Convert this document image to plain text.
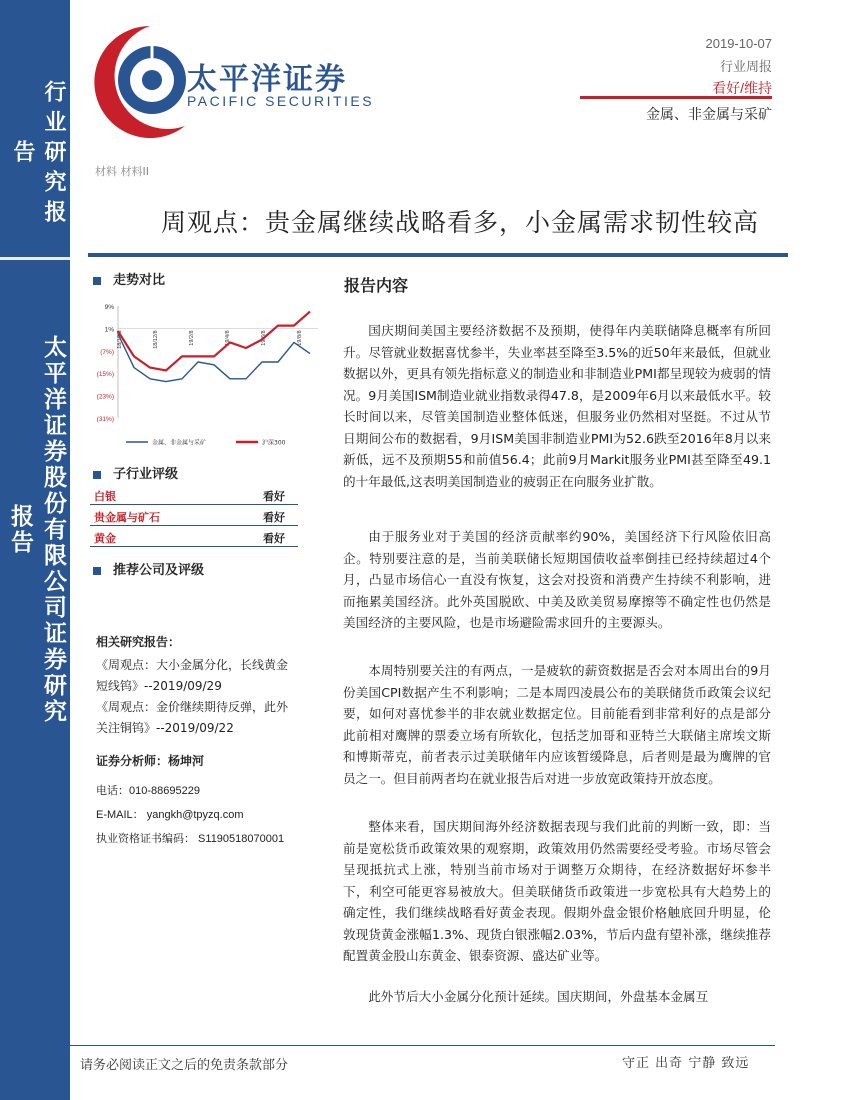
行业研究报告
太平洋证券股份有限公司证券研究报告
太平洋证券
PACIFIC SECURITIES
2019-10-07
行业周报
看好/维持
金属、非金属与采矿
材料 材料II
周观点：贵金属继续战略看多，小金属需求韧性较高
走势对比
9%
1%
(7%)
(15%)
(23%)
(31%)
18/10/8	18/12/8	19/2/8	19/4/8	19/6/8	19/8/8
金属、非金属与采矿	沪深300
子行业评级
白银	看好
贵金属与矿石	看好
黄金	看好
推荐公司及评级
相关研究报告：
《周观点：大小金属分化，长线黄金短线钨》--2019/09/29
《周观点：金价继续期待反弹，此外关注铜钨》--2019/09/22
证券分析师：杨坤河
电话：010-88695229
E-MAIL： yangkh@tpyzq.com
执业资格证书编码： S1190518070001
报告内容
国庆期间美国主要经济数据不及预期，使得年内美联储降息概率有所回升。尽管就业数据喜忧参半，失业率甚至降至3.5%的近50年来最低，但就业数据以外，更具有领先指标意义的制造业和非制造业PMI都呈现较为疲弱的情况。9月美国ISM制造业就业指数录得47.8，是2009年6月以来最低水平。较长时间以来，尽管美国制造业整体低迷，但服务业仍然相对坚挺。不过从节日期间公布的数据看，9月ISM美国非制造业PMI为52.6跌至2016年8月以来新低，远不及预期55和前值56.4；此前9月Markit服务业PMI甚至降至49.1的十年最低,这表明美国制造业的疲弱正在向服务业扩散。
由于服务业对于美国的经济贡献率约90%，美国经济下行风险依旧高企。特别要注意的是，当前美联储长短期国债收益率倒挂已经持续超过4个月，凸显市场信心一直没有恢复，这会对投资和消费产生持续不利影响，进而拖累美国经济。此外英国脱欧、中美及欧美贸易摩擦等不确定性也仍然是美国经济的主要风险，也是市场避险需求回升的主要源头。
本周特别要关注的有两点，一是疲软的薪资数据是否会对本周出台的9月份美国CPI数据产生不利影响；二是本周四凌晨公布的美联储货币政策会议纪要，如何对喜忧参半的非农就业数据定位。目前能看到非常利好的点是部分此前相对鹰牌的票委立场有所软化，包括芝加哥和亚特兰大联储主席埃文斯和博斯蒂克，前者表示过美联储年内应该暂缓降息，后者则是最为鹰牌的官员之一。但目前两者均在就业报告后对进一步放宽政策持开放态度。
整体来看，国庆期间海外经济数据表现与我们此前的判断一致，即：当前是宽松货币政策效果的观察期，政策效用仍然需要经受考验。市场尽管会呈现抵抗式上涨，特别当前市场对于调整万众期待，在经济数据好坏参半下，利空可能更容易被放大。但美联储货币政策进一步宽松具有大趋势上的确定性，我们继续战略看好黄金表现。假期外盘金银价格触底回升明显，伦敦现货黄金涨幅1.3%、现货白银涨幅2.03%，节后内盘有望补涨，继续推荐配置黄金股山东黄金、银泰资源、盛达矿业等。
此外节后大小金属分化预计延续。国庆期间，外盘基本金属互
请务必阅读正文之后的免责条款部分	守正 出奇 宁静 致远
